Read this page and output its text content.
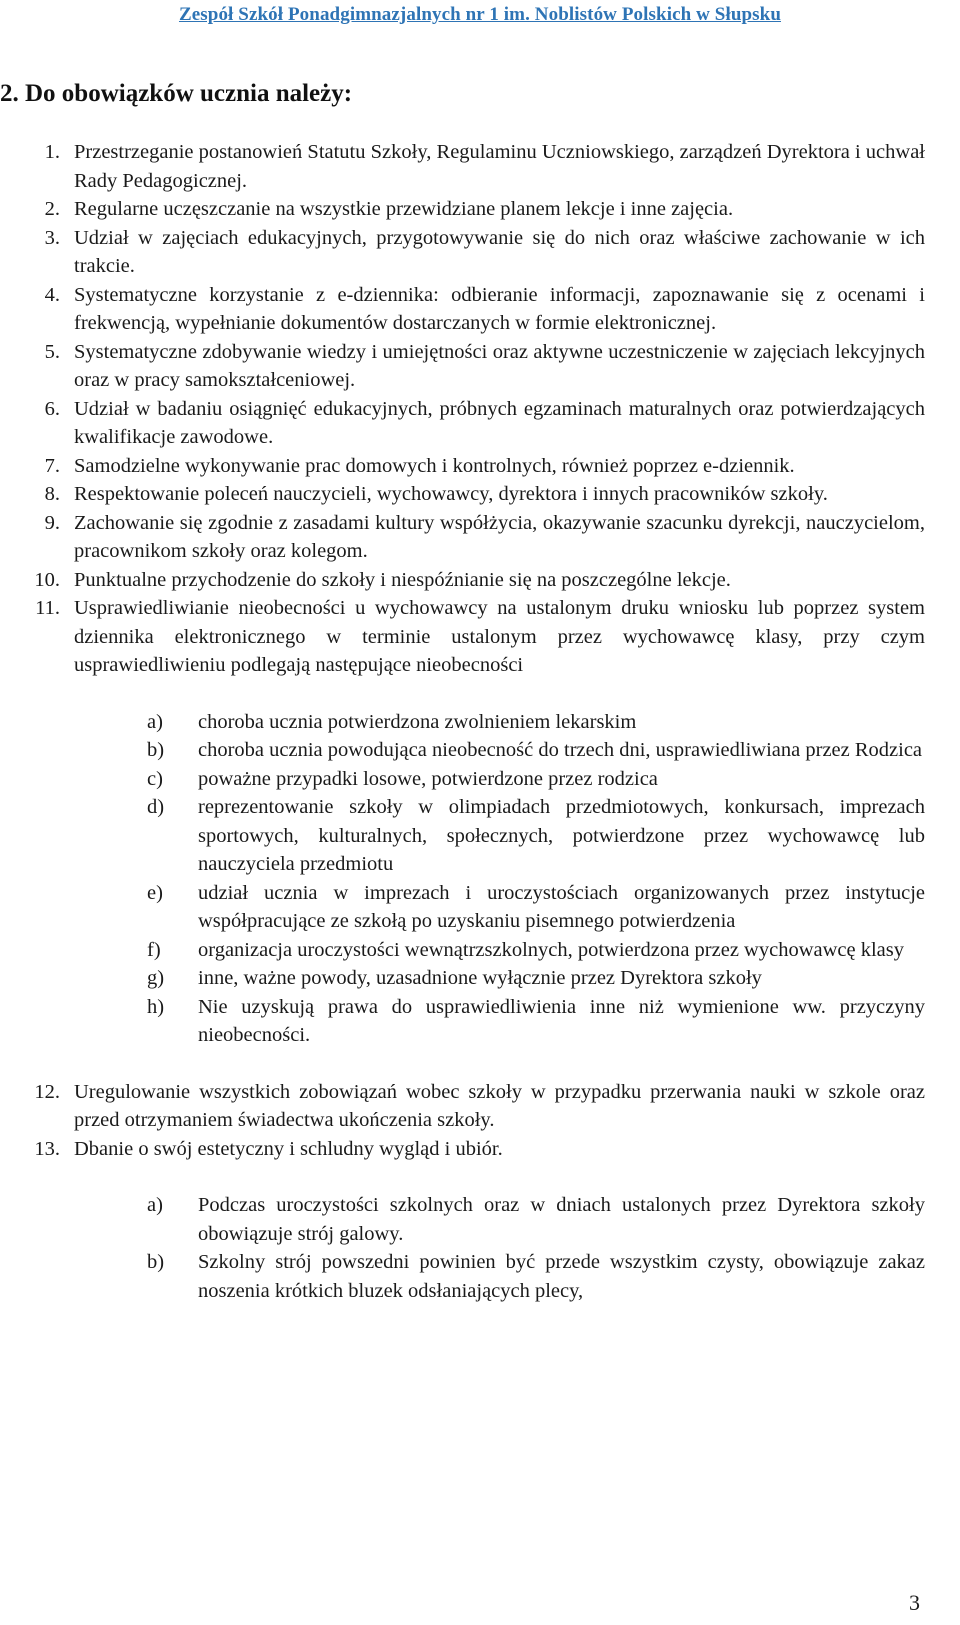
Zespół Szkół Ponadgimnazjalnych nr 1 im. Noblistów Polskich w Słupsku
2. Do obowiązków ucznia należy:
1. Przestrzeganie postanowień Statutu Szkoły, Regulaminu Uczniowskiego, zarządzeń Dyrektora i uchwał Rady Pedagogicznej.
2. Regularne uczęszczanie na wszystkie przewidziane planem lekcje i inne zajęcia.
3. Udział w zajęciach edukacyjnych, przygotowywanie się do nich oraz właściwe zachowanie w ich trakcie.
4. Systematyczne korzystanie z e-dziennika: odbieranie informacji, zapoznawanie się z ocenami i frekwencją, wypełnianie dokumentów dostarczanych w formie elektronicznej.
5. Systematyczne zdobywanie wiedzy i umiejętności oraz aktywne uczestniczenie w zajęciach lekcyjnych oraz w pracy samokształceniowej.
6. Udział w badaniu osiągnięć edukacyjnych, próbnych egzaminach maturalnych oraz potwierdzających kwalifikacje zawodowe.
7. Samodzielne wykonywanie prac domowych i kontrolnych, również poprzez e-dziennik.
8. Respektowanie poleceń nauczycieli, wychowawcy, dyrektora i innych pracowników szkoły.
9. Zachowanie się zgodnie z zasadami kultury współżycia, okazywanie szacunku dyrekcji, nauczycielom, pracownikom szkoły oraz kolegom.
10. Punktualne przychodzenie do szkoły i niespóźnianie się na poszczególne lekcje.
11. Usprawiedliwianie nieobecności u wychowawcy na ustalonym druku wniosku lub poprzez system dziennika elektronicznego w terminie ustalonym przez wychowawcę klasy, przy czym usprawiedliwieniu podlegają następujące nieobecności
a) choroba ucznia potwierdzona zwolnieniem lekarskim
b) choroba ucznia powodująca nieobecność do trzech dni, usprawiedliwiana przez Rodzica
c) poważne przypadki losowe, potwierdzone przez rodzica
d) reprezentowanie szkoły w olimpiadach przedmiotowych, konkursach, imprezach sportowych, kulturalnych, społecznych, potwierdzone przez wychowawcę lub nauczyciela przedmiotu
e) udział ucznia w imprezach i uroczystościach organizowanych przez instytucje współpracujące ze szkołą po uzyskaniu pisemnego potwierdzenia
f) organizacja uroczystości wewnątrzszkolnych, potwierdzona przez wychowawcę klasy
g) inne, ważne powody, uzasadnione wyłącznie przez Dyrektora szkoły
h) Nie uzyskują prawa do usprawiedliwienia inne niż wymienione ww. przyczyny nieobecności.
12. Uregulowanie wszystkich zobowiązań wobec szkoły w przypadku przerwania nauki w szkole oraz przed otrzymaniem świadectwa ukończenia szkoły.
13. Dbanie o swój estetyczny i schludny wygląd i ubiór.
a) Podczas uroczystości szkolnych oraz w dniach ustalonych przez Dyrektora szkoły obowiązuje strój galowy.
b) Szkolny strój powszedni powinien być przede wszystkim czysty, obowiązuje zakaz noszenia krótkich bluzek odsłaniających plecy,
3
